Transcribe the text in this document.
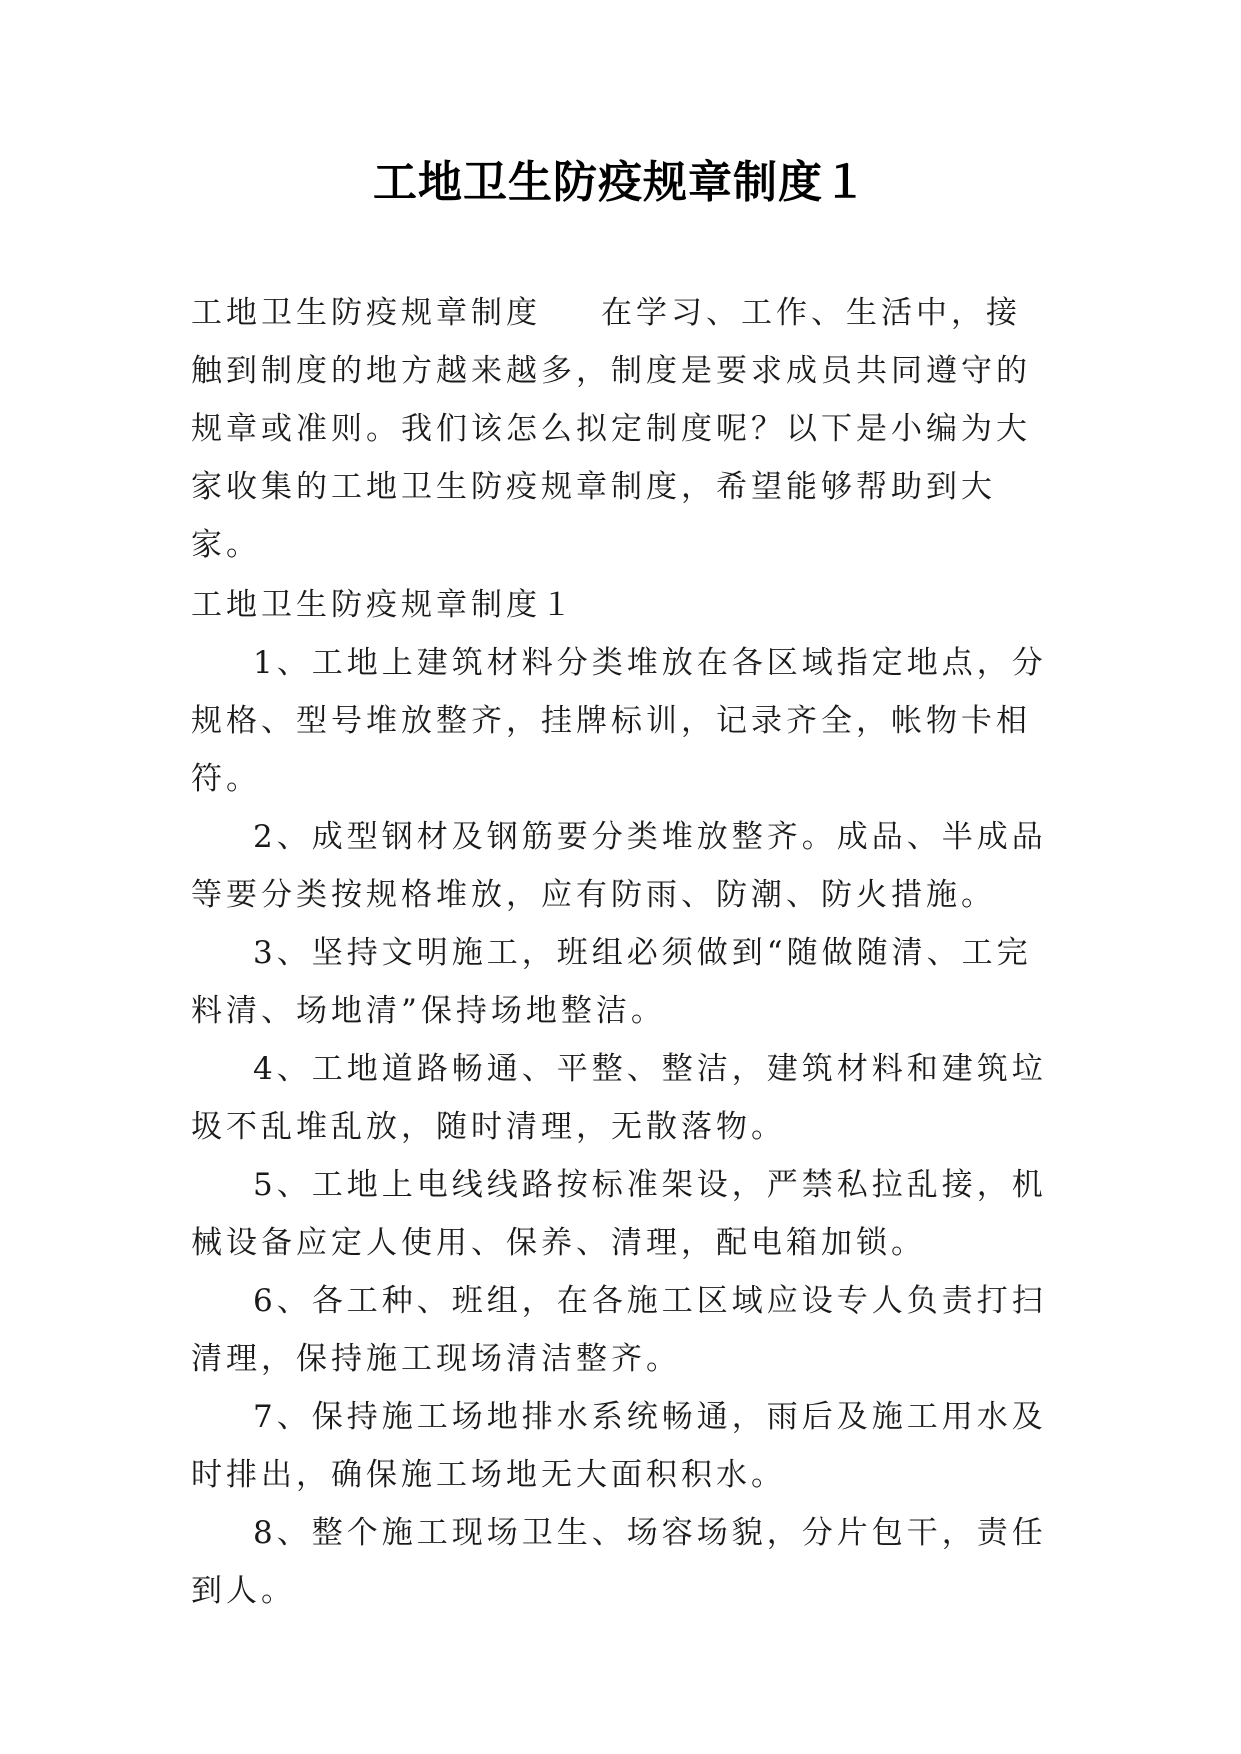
工地卫生防疫规章制度１
工地卫生防疫规章制度 在学习、工作、生活中，接触到制度的地方越来越多，制度是要求成员共同遵守的规章或准则。我们该怎么拟定制度呢？以下是小编为大家收集的工地卫生防疫规章制度，希望能够帮助到大家。
工地卫生防疫规章制度１

1、工地上建筑材料分类堆放在各区域指定地点，分规格、型号堆放整齐，挂牌标训，记录齐全，帐物卡相符。

2、成型钢材及钢筋要分类堆放整齐。成品、半成品等要分类按规格堆放，应有防雨、防潮、防火措施。

3、坚持文明施工，班组必须做到“随做随清、工完料清、场地清”保持场地整洁。

4、工地道路畅通、平整、整洁，建筑材料和建筑垃圾不乱堆乱放，随时清理，无散落物。

5、工地上电线线路按标准架设，严禁私拉乱接，机械设备应定人使用、保养、清理，配电箱加锁。

6、各工种、班组，在各施工区域应设专人负责打扫清理，保持施工现场清洁整齐。

7、保持施工场地排水系统畅通，雨后及施工用水及时排出，确保施工场地无大面积积水。

8、整个施工现场卫生、场容场貌，分片包干，责任到人。
